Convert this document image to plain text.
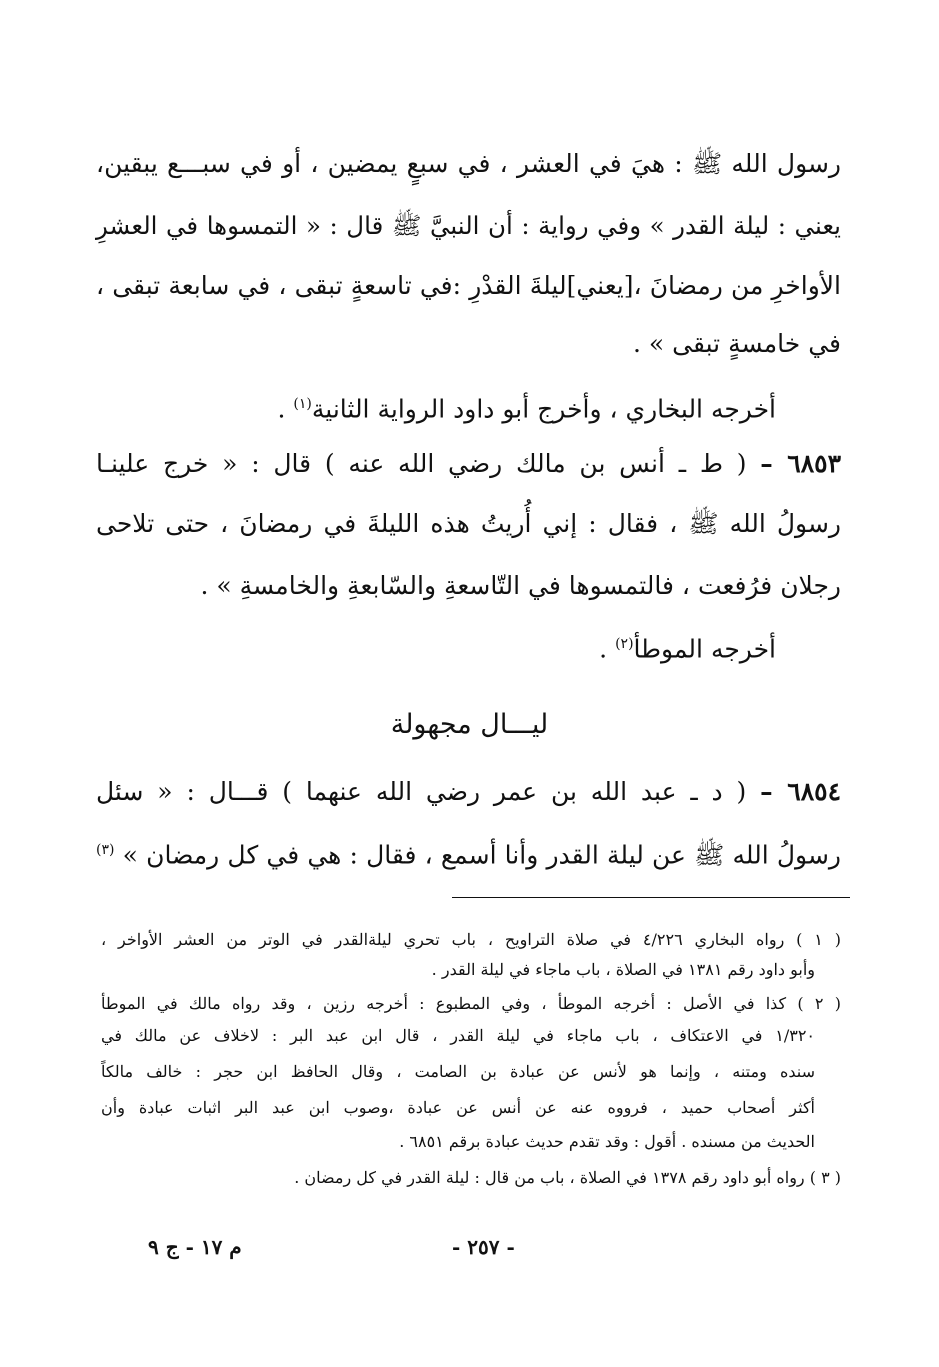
رسول الله ﷺ : هيَ في العشر ، في سبعٍ يمضين ، أو في سبـــع يبقين،
يعني : ليلة القدر » وفي رواية : أن النبيَّ ﷺ قال : « التمسوها في العشرِ
الأواخرِ من رمضانَ ،[يعني]ليلةَ القدْرِ :في تاسعةٍ تبقى ، في سابعة تبقى ،
في خامسةٍ تبقى » .
أخرجه البخاري ، وأخرج أبو داود الرواية الثانية$^{(١)}$ .
٦٨٥٣ – ( ط ـ أنس بن مالك رضي الله عنه ) قال : « خرج علينـا
رسولُ الله ﷺ ، فقال : إني أُريتُ هذه الليلةَ في رمضانَ ، حتى تلاحى
رجلان فرُفعت ، فالتمسوها في التّاسعةِ والسّابعةِ والخامسةِ » .
أخرجه الموطأ$^{(٢)}$ .
ليـــال مجهولة
٦٨٥٤ – ( د ـ عبد الله بن عمر رضي الله عنهما ) قـــال : « سئل
رسولُ الله ﷺ عن ليلة القدر وأنا أسمع ، فقال : هي في كل رمضان » $^{(٣)}$
( ١ ) رواه البخاري ٤/٢٢٦ في صلاة التراويح ، باب تحري ليلةالقدر في الوتر من العشر الأواخر ،
وأبو داود رقم ١٣٨١ في الصلاة ، باب ماجاء في ليلة القدر .
( ٢ ) كذا في الأصل : أخرجه الموطأ ، وفي المطبوع : أخرجه رزين ، وقد رواه مالك في الموطأ
١/٣٢٠ في الاعتكاف ، باب ماجاء في ليلة القدر ، قال ابن عبد البر : لاخلاف عن مالك في
سنده ومتنه ، وإنما هو لأنس عن عبادة بن الصامت ، وقال الحافظ ابن حجر : خالف مالكاً
أكثر أصحاب حميد ، فرووه عنه عن أنس عن عبادة ،وصوب ابن عبد البر اثبات عبادة وأن
الحديث من مسنده . أقول : وقد تقدم حديث عبادة برقم ٦٨٥١ .
( ٣ ) رواه أبو داود رقم ١٣٧٨ في الصلاة ، باب من قال : ليلة القدر في كل رمضان .
- ٢٥٧ -
م ١٧ - ج ٩
